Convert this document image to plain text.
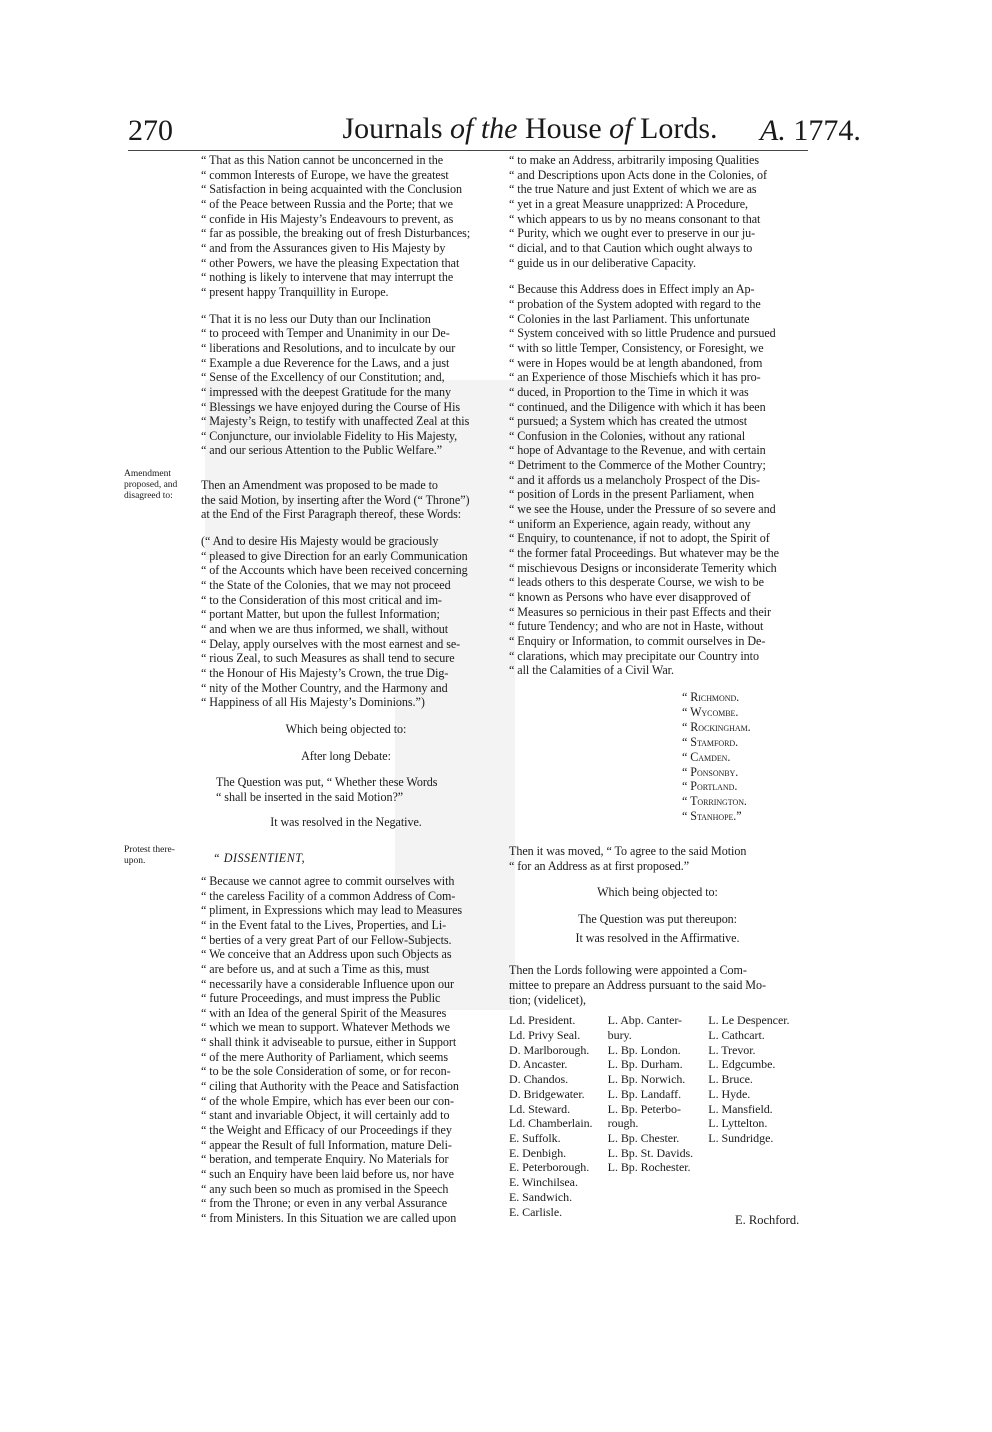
270	Journals of the House of Lords.	A. 1774.
Amendment
proposed, and
disagreed to:
Protest there-
upon.
“ That as this Nation cannot be unconcerned in the
“ common Interests of Europe, we have the greatest
“ Satisfaction in being acquainted with the Conclusion
“ of the Peace between Russia and the Porte; that we
“ confide in His Majesty’s Endeavours to prevent, as
“ far as possible, the breaking out of fresh Disturbances;
“ and from the Assurances given to His Majesty by
“ other Powers, we have the pleasing Expectation that
“ nothing is likely to intervene that may interrupt the
“ present happy Tranquillity in Europe.
“ That it is no less our Duty than our Inclination
“ to proceed with Temper and Unanimity in our De-
“ liberations and Resolutions, and to inculcate by our
“ Example a due Reverence for the Laws, and a just
“ Sense of the Excellency of our Constitution; and,
“ impressed with the deepest Gratitude for the many
“ Blessings we have enjoyed during the Course of His
“ Majesty’s Reign, to testify with unaffected Zeal at this
“ Conjuncture, our inviolable Fidelity to His Majesty,
“ and our serious Attention to the Public Welfare.”
Then an Amendment was proposed to be made to
the said Motion, by inserting after the Word (“ Throne”)
at the End of the First Paragraph thereof, these Words:
(“ And to desire His Majesty would be graciously
“ pleased to give Direction for an early Communication
“ of the Accounts which have been received concerning
“ the State of the Colonies, that we may not proceed
“ to the Consideration of this most critical and im-
“ portant Matter, but upon the fullest Information;
“ and when we are thus informed, we shall, without
“ Delay, apply ourselves with the most earnest and se-
“ rious Zeal, to such Measures as shall tend to secure
“ the Honour of His Majesty’s Crown, the true Dig-
“ nity of the Mother Country, and the Harmony and
“ Happiness of all His Majesty’s Dominions.”)
Which being objected to:
After long Debate:
The Question was put, “ Whether these Words
“ shall be inserted in the said Motion?”
It was resolved in the Negative.
“ DISSENTIENT,
“ Because we cannot agree to commit ourselves with
“ the careless Facility of a common Address of Com-
“ pliment, in Expressions which may lead to Measures
“ in the Event fatal to the Lives, Properties, and Li-
“ berties of a very great Part of our Fellow-Subjects.
“ We conceive that an Address upon such Objects as
“ are before us, and at such a Time as this, must
“ necessarily have a considerable Influence upon our
“ future Proceedings, and must impress the Public
“ with an Idea of the general Spirit of the Measures
“ which we mean to support. Whatever Methods we
“ shall think it adviseable to pursue, either in Support
“ of the mere Authority of Parliament, which seems
“ to be the sole Consideration of some, or for recon-
“ ciling that Authority with the Peace and Satisfaction
“ of the whole Empire, which has ever been our con-
“ stant and invariable Object, it will certainly add to
“ the Weight and Efficacy of our Proceedings if they
“ appear the Result of full Information, mature Deli-
“ beration, and temperate Enquiry. No Materials for
“ such an Enquiry have been laid before us, nor have
“ any such been so much as promised in the Speech
“ from the Throne; or even in any verbal Assurance
“ from Ministers. In this Situation we are called upon
“ to make an Address, arbitrarily imposing Qualities
“ and Descriptions upon Acts done in the Colonies, of
“ the true Nature and just Extent of which we are as
“ yet in a great Measure unapprized: A Procedure,
“ which appears to us by no means consonant to that
“ Purity, which we ought ever to preserve in our ju-
“ dicial, and to that Caution which ought always to
“ guide us in our deliberative Capacity.
“ Because this Address does in Effect imply an Ap-
“ probation of the System adopted with regard to the
“ Colonies in the last Parliament. This unfortunate
“ System conceived with so little Prudence and pursued
“ with so little Temper, Consistency, or Foresight, we
“ were in Hopes would be at length abandoned, from
“ an Experience of those Mischiefs which it has pro-
“ duced, in Proportion to the Time in which it was
“ continued, and the Diligence with which it has been
“ pursued; a System which has created the utmost
“ Confusion in the Colonies, without any rational
“ hope of Advantage to the Revenue, and with certain
“ Detriment to the Commerce of the Mother Country;
“ and it affords us a melancholy Prospect of the Dis-
“ position of Lords in the present Parliament, when
“ we see the House, under the Pressure of so severe and
“ uniform an Experience, again ready, without any
“ Enquiry, to countenance, if not to adopt, the Spirit of
“ the former fatal Proceedings. But whatever may be the
“ mischievous Designs or inconsiderate Temerity which
“ leads others to this desperate Course, we wish to be
“ known as Persons who have ever disapproved of
“ Measures so pernicious in their past Effects and their
“ future Tendency; and who are not in Haste, without
“ Enquiry or Information, to commit ourselves in De-
“ clarations, which may precipitate our Country into
“ all the Calamities of a Civil War.
“ Richmond.
“ Wycombe.
“ Rockingham.
“ Stamford.
“ Camden.
“ Ponsonby.
“ Portland.
“ Torrington.
“ Stanhope.”
Then it was moved, “ To agree to the said Motion
“ for an Address as at first proposed.”
Which being objected to:
The Question was put thereupon:
It was resolved in the Affirmative.
Then the Lords following were appointed a Com-
mittee to prepare an Address pursuant to the said Mo-
tion; (videlicet),
Ld. President.
Ld. Privy Seal.
D. Marlborough.
D. Ancaster.
D. Chandos.
D. Bridgewater.
Ld. Steward.
Ld. Chamberlain.
E. Suffolk.
E. Denbigh.
E. Peterborough.
E. Winchilsea.
E. Sandwich.
E. Carlisle.
L. Abp. Canter-
bury.
L. Bp. London.
L. Bp. Durham.
L. Bp. Norwich.
L. Bp. Landaff.
L. Bp. Peterbo-
rough.
L. Bp. Chester.
L. Bp. St. Davids.
L. Bp. Rochester.
L. Le Despencer.
L. Cathcart.
L. Trevor.
L. Edgcumbe.
L. Bruce.
L. Hyde.
L. Mansfield.
L. Lyttelton.
L. Sundridge.
E. Rochford.
